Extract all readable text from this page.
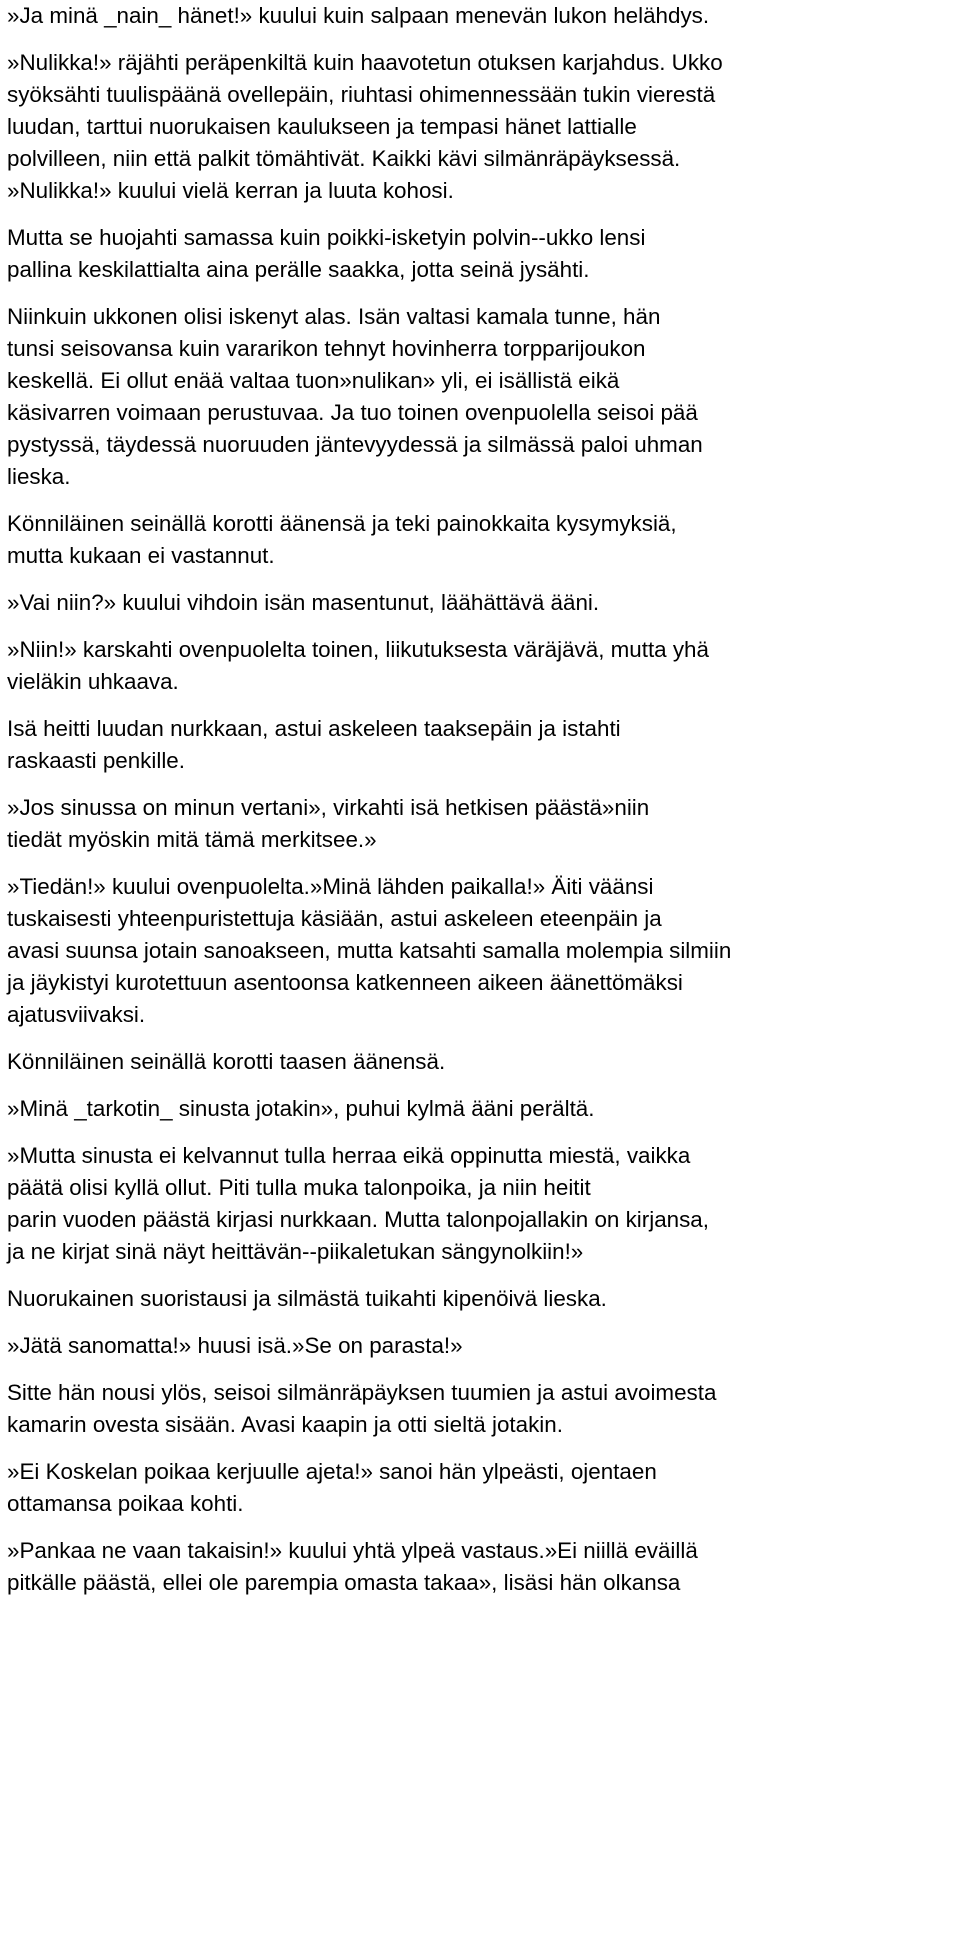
»Ja minä _nain_ hänet!» kuului kuin salpaan menevän lukon helähdys.

»Nulikka!» räjähti peräpenkiltä kuin haavotetun otuksen karjahdus. Ukko

syöksähti tuulispäänä ovellepäin, riuhtasi ohimennessään tukin vierestä

luudan, tarttui nuorukaisen kaulukseen ja tempasi hänet lattialle

polvilleen, niin että palkit tömähtivät. Kaikki kävi silmänräpäyksessä.

»Nulikka!» kuului vielä kerran ja luuta kohosi.

Mutta se huojahti samassa kuin poikki-isketyin polvin--ukko lensi

pallina keskilattialta aina perälle saakka, jotta seinä jysähti.

Niinkuin ukkonen olisi iskenyt alas. Isän valtasi kamala tunne, hän

tunsi seisovansa kuin vararikon tehnyt hovinherra torpparijoukon

keskellä. Ei ollut enää valtaa tuon»nulikan» yli, ei isällistä eikä

käsivarren voimaan perustuvaa. Ja tuo toinen ovenpuolella seisoi pää

pystyssä, täydessä nuoruuden jäntevyydessä ja silmässä paloi uhman

lieska.

Könniläinen seinällä korotti äänensä ja teki painokkaita kysymyksiä,

mutta kukaan ei vastannut.

»Vai niin?» kuului vihdoin isän masentunut, läähättävä ääni.

»Niin!» karskahti ovenpuolelta toinen, liikutuksesta väräjävä, mutta yhä

vieläkin uhkaava.

Isä heitti luudan nurkkaan, astui askeleen taaksepäin ja istahti

raskaasti penkille.

»Jos sinussa on minun vertani», virkahti isä hetkisen päästä»niin

tiedät myöskin mitä tämä merkitsee.»

»Tiedän!» kuului ovenpuolelta.»Minä lähden paikalla!» Äiti väänsi

tuskaisesti yhteenpuristettuja käsiään, astui askeleen eteenpäin ja

avasi suunsa jotain sanoakseen, mutta katsahti samalla molempia silmiin

ja jäykistyi kurotettuun asentoonsa katkenneen aikeen äänettömäksi

ajatusviivaksi.

Könniläinen seinällä korotti taasen äänensä.

»Minä _tarkotin_ sinusta jotakin», puhui kylmä ääni perältä.

»Mutta sinusta ei kelvannut tulla herraa eikä oppinutta miestä, vaikka

päätä olisi kyllä ollut. Piti tulla muka talonpoika, ja niin heitit

parin vuoden päästä kirjasi nurkkaan. Mutta talonpojallakin on kirjansa,

ja ne kirjat sinä näyt heittävän--piikaletukan sängynolkiin!»

Nuorukainen suoristausi ja silmästä tuikahti kipenöivä lieska.

»Jätä sanomatta!» huusi isä.»Se on parasta!»

Sitte hän nousi ylös, seisoi silmänräpäyksen tuumien ja astui avoimesta

kamarin ovesta sisään. Avasi kaapin ja otti sieltä jotakin.

»Ei Koskelan poikaa kerjuulle ajeta!» sanoi hän ylpeästi, ojentaen

ottamansa poikaa kohti.

»Pankaa ne vaan takaisin!» kuului yhtä ylpeä vastaus.»Ei niillä eväillä

pitkälle päästä, ellei ole parempia omasta takaa», lisäsi hän olkansa
